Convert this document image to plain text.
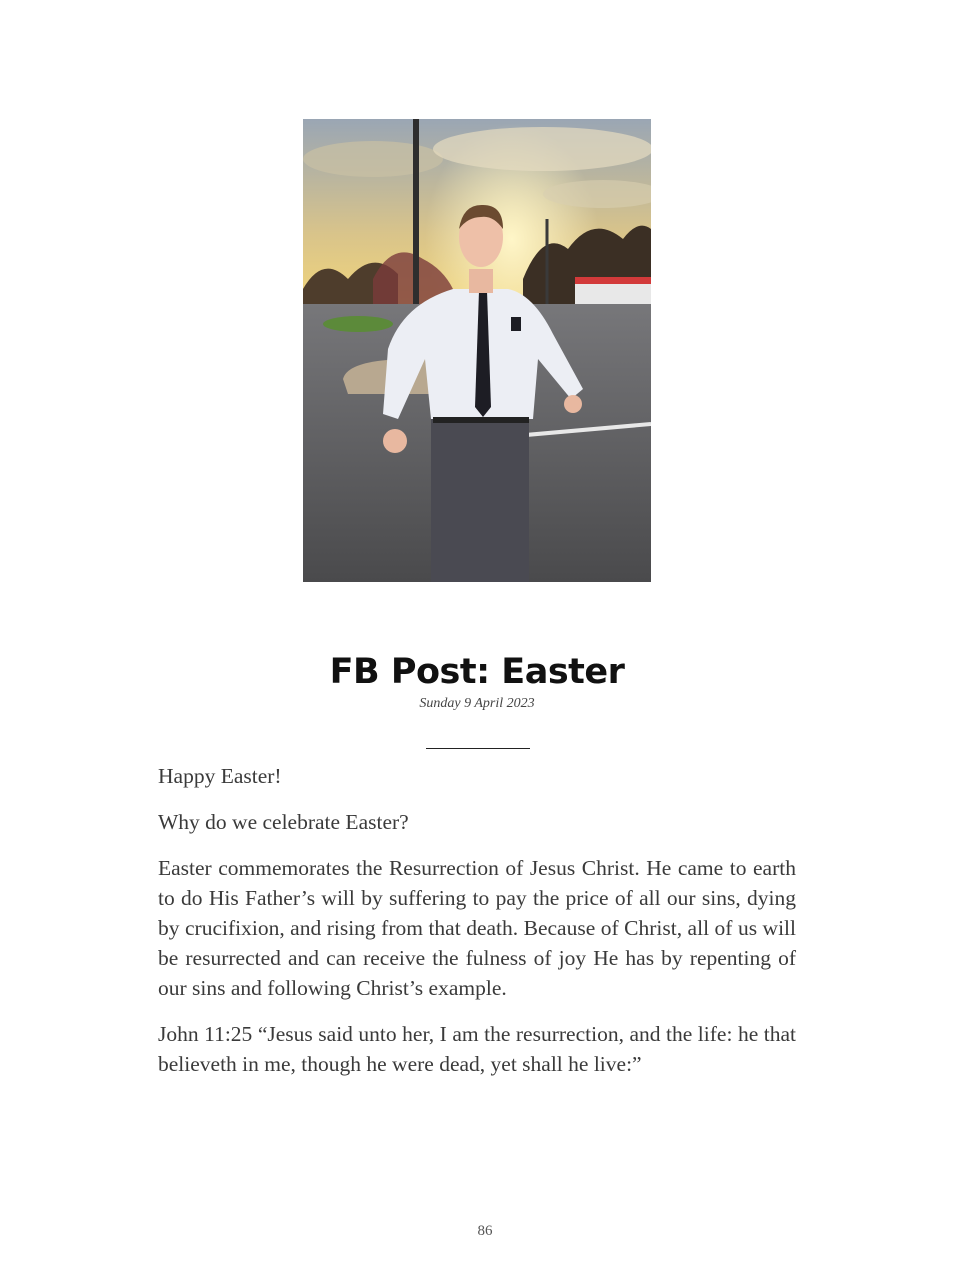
FB Post: Easter
Sunday 9 April 2023

Happy Easter!

Why do we celebrate Easter?

Easter commemorates the Resurrection of Jesus Christ. He came to earth to do His Father’s will by suffering to pay the price of all our sins, dying by crucifixion, and rising from that death. Because of Christ, all of us will be resurrected and can receive the fulness of joy He has by repenting of our sins and following Christ’s example.

John 11:25 “Jesus said unto her, I am the resurrection, and the life: he that believeth in me, though he were dead, yet shall he live:”

86
